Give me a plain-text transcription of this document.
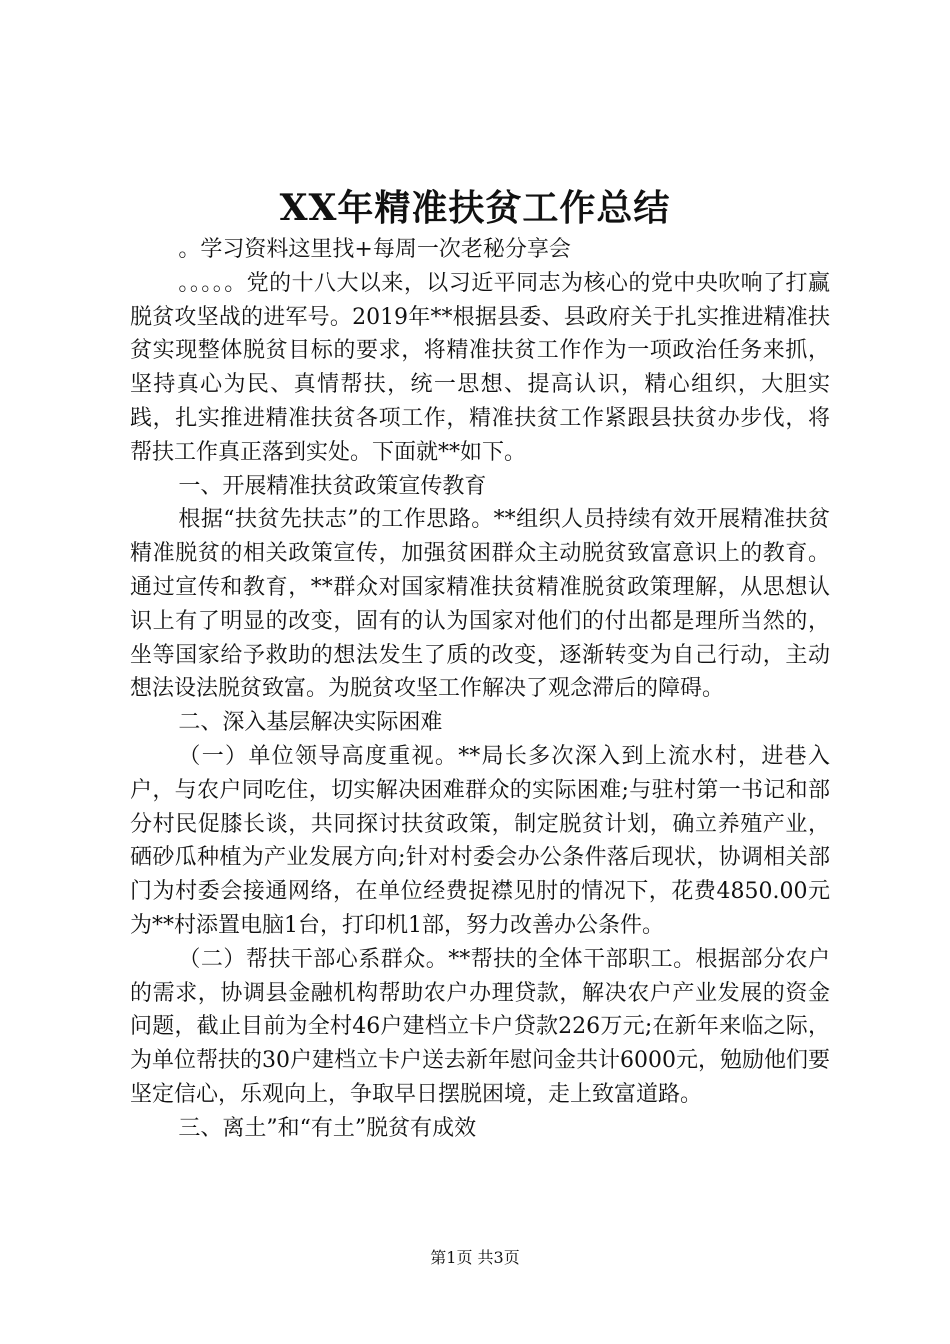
XX年精准扶贫工作总结

。学习资料这里找+每周一次老秘分享会

。。。。。党的十八大以来，以习近平同志为核心的党中央吹响了打赢脱贫攻坚战的进军号。2019年**根据县委、县政府关于扎实推进精准扶贫实现整体脱贫目标的要求，将精准扶贫工作作为一项政治任务来抓，坚持真心为民、真情帮扶，统一思想、提高认识，精心组织，大胆实践，扎实推进精准扶贫各项工作，精准扶贫工作紧跟县扶贫办步伐，将帮扶工作真正落到实处。下面就**如下。

一、开展精准扶贫政策宣传教育

根据“扶贫先扶志”的工作思路。**组织人员持续有效开展精准扶贫精准脱贫的相关政策宣传，加强贫困群众主动脱贫致富意识上的教育。通过宣传和教育，**群众对国家精准扶贫精准脱贫政策理解，从思想认识上有了明显的改变，固有的认为国家对他们的付出都是理所当然的，坐等国家给予救助的想法发生了质的改变，逐渐转变为自己行动，主动想法设法脱贫致富。为脱贫攻坚工作解决了观念滞后的障碍。

二、深入基层解决实际困难

（一）单位领导高度重视。**局长多次深入到上流水村，进巷入户，与农户同吃住，切实解决困难群众的实际困难;与驻村第一书记和部分村民促膝长谈，共同探讨扶贫政策，制定脱贫计划，确立养殖产业，硒砂瓜种植为产业发展方向;针对村委会办公条件落后现状，协调相关部门为村委会接通网络，在单位经费捉襟见肘的情况下，花费4850.00元为**村添置电脑1台，打印机1部，努力改善办公条件。

（二）帮扶干部心系群众。**帮扶的全体干部职工。根据部分农户的需求，协调县金融机构帮助农户办理贷款，解决农户产业发展的资金问题，截止目前为全村46户建档立卡户贷款226万元;在新年来临之际，为单位帮扶的30户建档立卡户送去新年慰问金共计6000元，勉励他们要坚定信心，乐观向上，争取早日摆脱困境，走上致富道路。

三、离土”和“有土”脱贫有成效

第1页 共3页
